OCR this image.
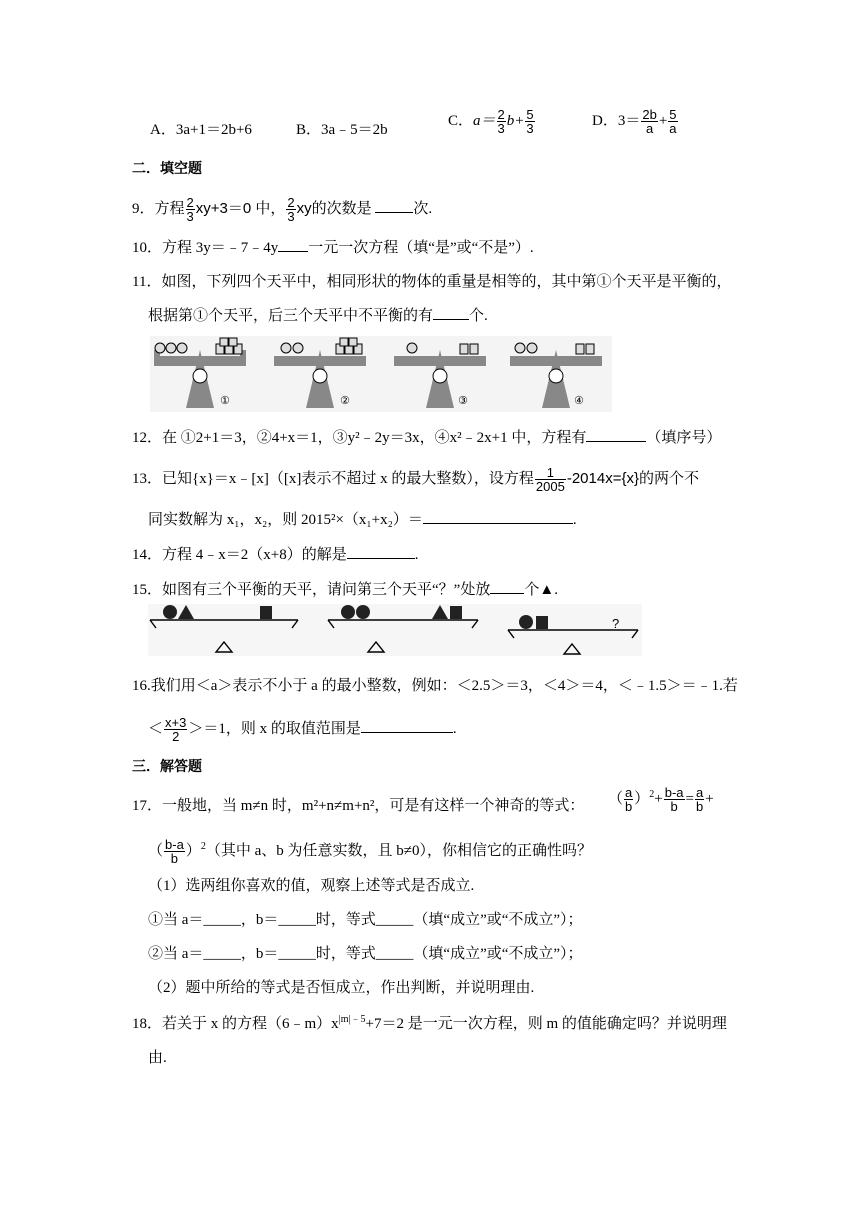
A．3a+1＝2b+6	B．3a﹣5＝2b
C．$a= \frac{2}{3} b+ \frac{5}{3}$	D．$3= \frac{2b}{a} + \frac{5}{a}$
二．填空题
9．方程 $\frac{2}{3} xy+3=0$ 中， $\frac{2}{3}$ xy的次数是	次.
10．方程 3y＝﹣7﹣4y 一元一次方程（填“是”或“不是”）.
11．如图，下列四个天平中，相同形状的物体的重量是相等的，其中第①个天平是平衡的，
根据第①个天平，后三个天平中不平衡的有 个.
①	②	③	④
12．在 ①2+1＝3，②4+x＝1，③y²﹣2y＝3x，④x²﹣2x+1 中，方程有	（填序号）
13．已知{x}＝x﹣[x]（[x]表示不超过 x 的最大整数），设方程 $\frac{1}{2005} -2014x=\{x\}$的两个不
同实数解为 x₁，x₂，则 2015²×（x₁+x₂）＝	.
14．方程 4﹣x＝2（x+8）的解是	.
15．如图有三个平衡的天平，请问第三个天平“？”处放 个▲.
?
16.我们用＜a＞表示不小于 a 的最小整数，例如：＜2.5＞＝3，＜4＞＝4，＜﹣1.5＞＝﹣1.若
＜ $\frac{x+3}{2} >=1$，则 x 的取值范围是	.
三．解答题
17．一般地，当 m≠n 时，m²+n≠m+n²，可是有这样一个神奇的等式： （ $\frac{a}{b} )^2+ \frac{b-a}{b} = \frac{a}{b}$ +
（ $\frac{b-a}{b} )^2$（其中 a、b 为任意实数，且 b≠0），你相信它的正确性吗？
（1）选两组你喜欢的值，观察上述等式是否成立.
①当 a＝_____，b＝_____时，等式_____（填“成立”或“不成立”）；
②当 a＝_____，b＝_____时，等式_____（填“成立”或“不成立”）；
（2）题中所给的等式是否恒成立，作出判断，并说明理由.
18．若关于 x 的方程$(6﹣m)x^{|m|﹣5}+7=2$ 是一元一次方程，则 m 的值能确定吗？并说明理
由.
